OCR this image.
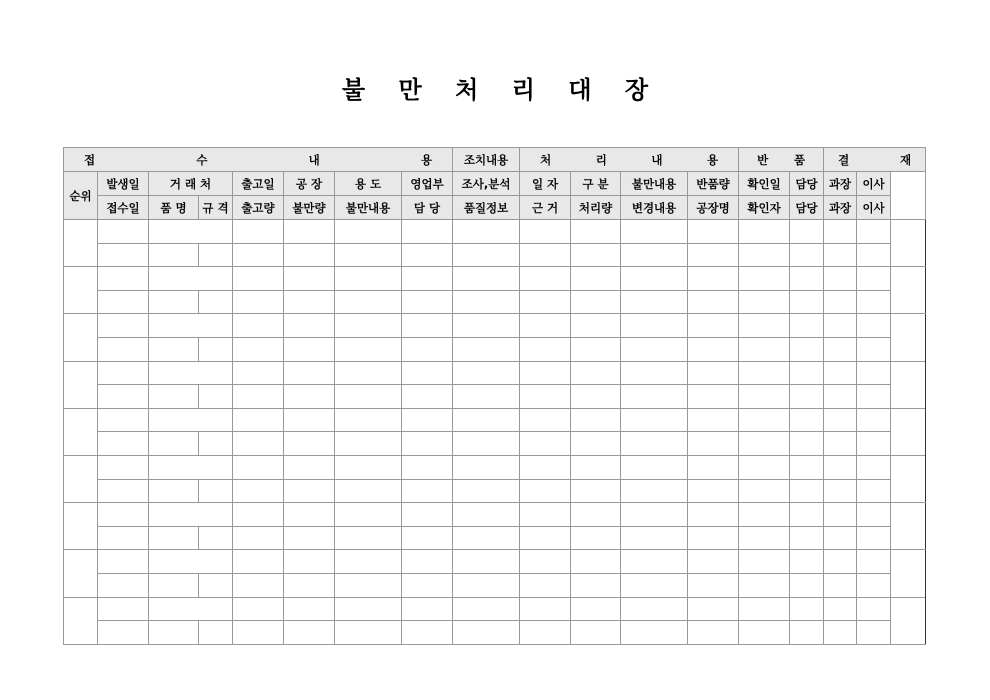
불 만 처 리 대 장
접 수 내 용								조치내용	처 리 내 용				반 품		결 재

순위	발생일	거 래 처		출고일	공 장	용 도	영업부	조사,분석	일 자	구 분	불만내용	반품량	확인일	담당	과장	이사		
	접수일	품 명	규 격	출고량	불만량	불만내용	담 당	품질정보	근 거	처리량	변경내용	공장명	확인자	담당	과장	이사		
